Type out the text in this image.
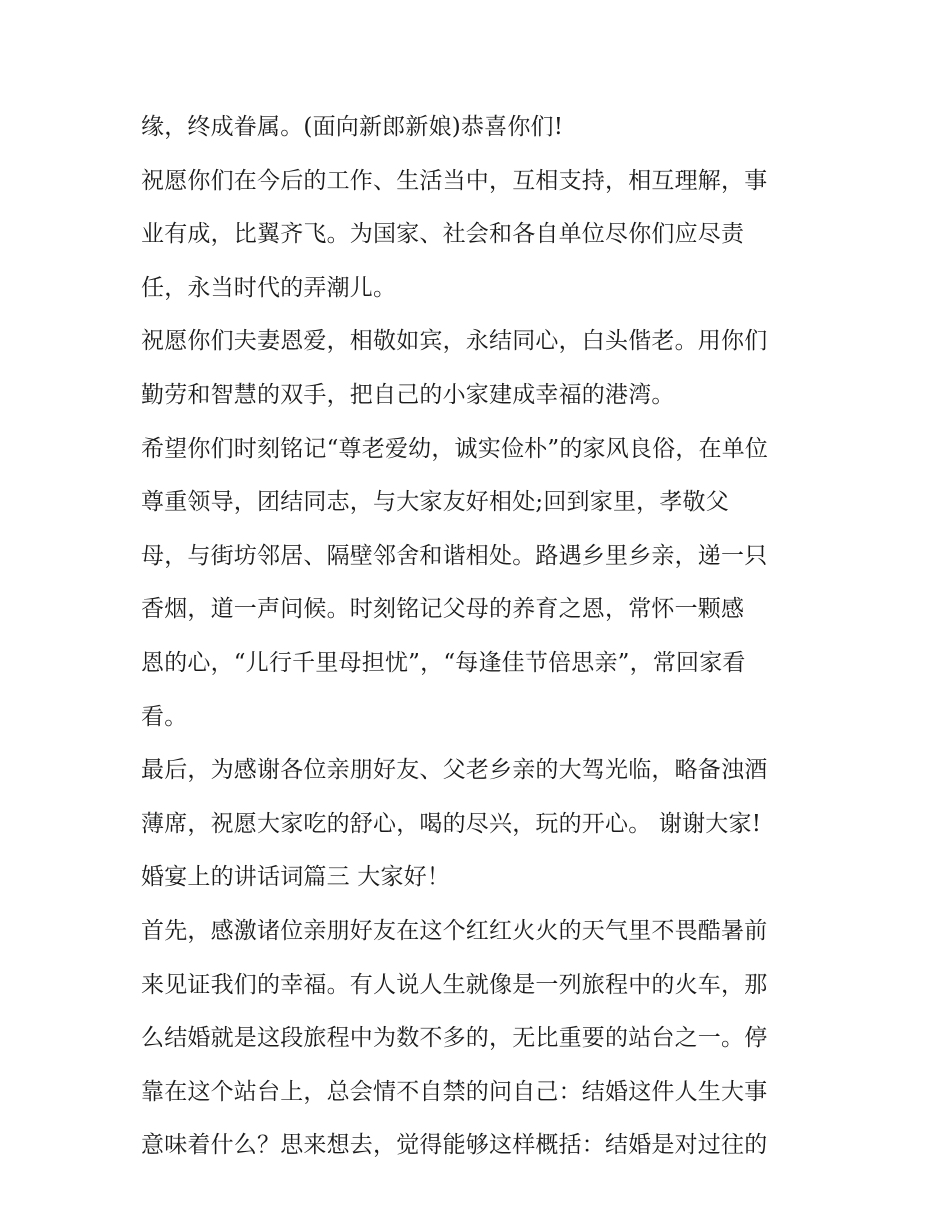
缘，终成眷属。(面向新郎新娘)恭喜你们!
祝愿你们在今后的工作、生活当中，互相支持，相互理解，事
业有成，比翼齐飞。为国家、社会和各自单位尽你们应尽责
任，永当时代的弄潮儿。
祝愿你们夫妻恩爱，相敬如宾，永结同心，白头偕老。用你们
勤劳和智慧的双手，把自己的小家建成幸福的港湾。
希望你们时刻铭记“尊老爱幼，诚实俭朴”的家风良俗，在单位
尊重领导，团结同志，与大家友好相处;回到家里，孝敬父
母，与街坊邻居、隔壁邻舍和谐相处。路遇乡里乡亲，递一只
香烟，道一声问候。时刻铭记父母的养育之恩，常怀一颗感
恩的心，“儿行千里母担忧”，“每逢佳节倍思亲”，常回家看
看。
最后，为感谢各位亲朋好友、父老乡亲的大驾光临，略备浊酒
薄席，祝愿大家吃的舒心，喝的尽兴，玩的开心。 谢谢大家!
婚宴上的讲话词篇三 大家好！
首先，感激诸位亲朋好友在这个红红火火的天气里不畏酷暑前
来见证我们的幸福。有人说人生就像是一列旅程中的火车，那
么结婚就是这段旅程中为数不多的，无比重要的站台之一。停
靠在这个站台上，总会情不自禁的问自己：结婚这件人生大事
意味着什么？思来想去，觉得能够这样概括：结婚是对过往的
